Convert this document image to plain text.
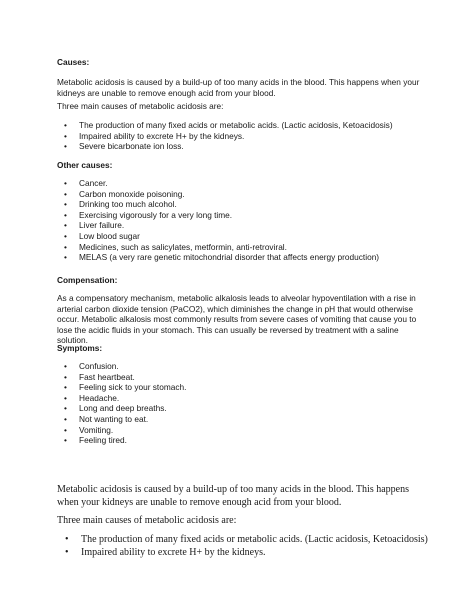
Causes:

Metabolic acidosis is caused by a build-up of too many acids in the blood. This happens when your kidneys are unable to remove enough acid from your blood.

Three main causes of metabolic acidosis are:

• The production of many fixed acids or metabolic acids. (Lactic acidosis, Ketoacidosis)
• Impaired ability to excrete H+ by the kidneys.
• Severe bicarbonate ion loss.

Other causes:

• Cancer.
• Carbon monoxide poisoning.
• Drinking too much alcohol.
• Exercising vigorously for a very long time.
• Liver failure.
• Low blood sugar
• Medicines, such as salicylates, metformin, anti-retroviral.
• MELAS (a very rare genetic mitochondrial disorder that affects energy production)

Compensation:

As a compensatory mechanism, metabolic alkalosis leads to alveolar hypoventilation with a rise in arterial carbon dioxide tension (PaCO2), which diminishes the change in pH that would otherwise occur. Metabolic alkalosis most commonly results from severe cases of vomiting that cause you to lose the acidic fluids in your stomach. This can usually be reversed by treatment with a saline solution.

Symptoms:

• Confusion.
• Fast heartbeat.
• Feeling sick to your stomach.
• Headache.
• Long and deep breaths.
• Not wanting to eat.
• Vomiting.
• Feeling tired.

Metabolic acidosis is caused by a build-up of too many acids in the blood. This happens when your kidneys are unable to remove enough acid from your blood.

Three main causes of metabolic acidosis are:

• The production of many fixed acids or metabolic acids. (Lactic acidosis, Ketoacidosis)
• Impaired ability to excrete H+ by the kidneys.
